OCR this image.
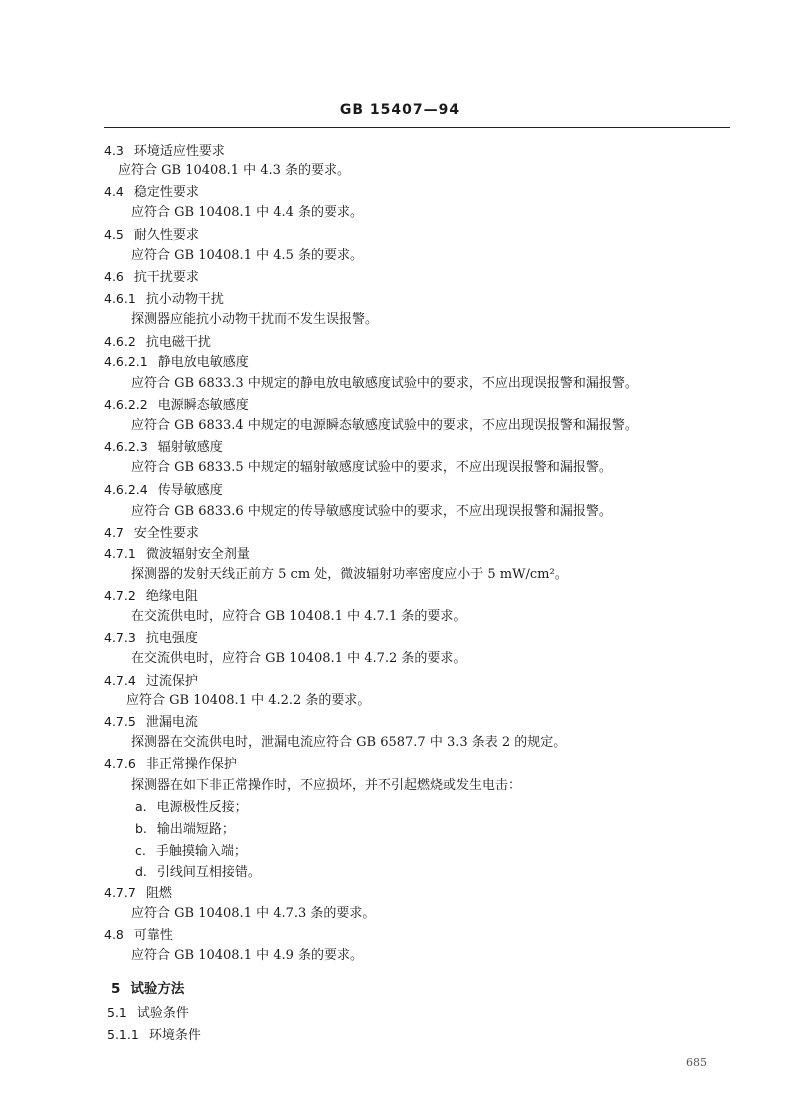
GB 15407—94
4.3 环境适应性要求
应符合 GB 10408.1 中 4.3 条的要求。
4.4 稳定性要求
应符合 GB 10408.1 中 4.4 条的要求。
4.5 耐久性要求
应符合 GB 10408.1 中 4.5 条的要求。
4.6 抗干扰要求
4.6.1 抗小动物干扰
探测器应能抗小动物干扰而不发生误报警。
4.6.2 抗电磁干扰
4.6.2.1 静电放电敏感度
应符合 GB 6833.3 中规定的静电放电敏感度试验中的要求，不应出现误报警和漏报警。
4.6.2.2 电源瞬态敏感度
应符合 GB 6833.4 中规定的电源瞬态敏感度试验中的要求，不应出现误报警和漏报警。
4.6.2.3 辐射敏感度
应符合 GB 6833.5 中规定的辐射敏感度试验中的要求，不应出现误报警和漏报警。
4.6.2.4 传导敏感度
应符合 GB 6833.6 中规定的传导敏感度试验中的要求，不应出现误报警和漏报警。
4.7 安全性要求
4.7.1 微波辐射安全剂量
探测器的发射天线正前方 5 cm 处，微波辐射功率密度应小于 5 mW/cm²。
4.7.2 绝缘电阻
在交流供电时，应符合 GB 10408.1 中 4.7.1 条的要求。
4.7.3 抗电强度
在交流供电时，应符合 GB 10408.1 中 4.7.2 条的要求。
4.7.4 过流保护
应符合 GB 10408.1 中 4.2.2 条的要求。
4.7.5 泄漏电流
探测器在交流供电时，泄漏电流应符合 GB 6587.7 中 3.3 条表 2 的规定。
4.7.6 非正常操作保护
探测器在如下非正常操作时，不应损坏，并不引起燃烧或发生电击：
a. 电源极性反接；
b. 输出端短路；
c. 手触摸输入端；
d. 引线间互相接错。
4.7.7 阻燃
应符合 GB 10408.1 中 4.7.3 条的要求。
4.8 可靠性
应符合 GB 10408.1 中 4.9 条的要求。
5 试验方法
5.1 试验条件
5.1.1 环境条件
685
